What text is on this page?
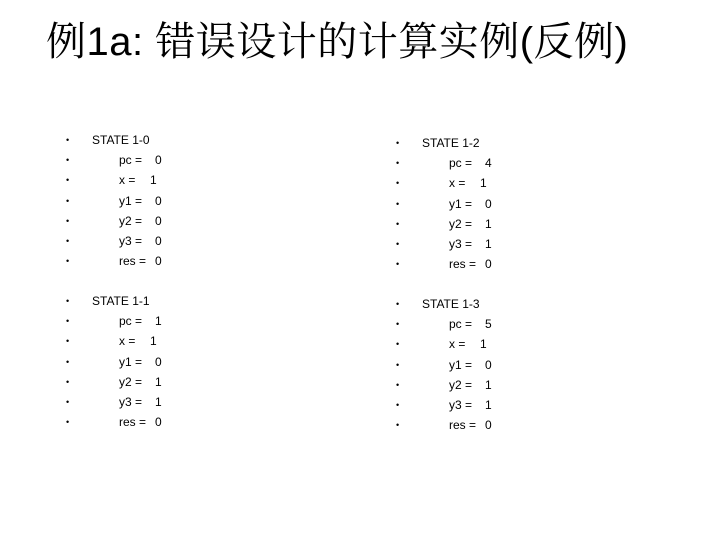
例1a: 错误设计的计算实例(反例)
• STATE 1-0
•	pc = 0
•	x = 1
•	y1 = 0
•	y2 = 0
•	y3 = 0
•	res = 0
• STATE 1-1
•	pc = 1
•	x = 1
•	y1 = 0
•	y2 = 1
•	y3 = 1
•	res = 0
• STATE 1-2
•	pc = 4
•	x = 1
•	y1 = 0
•	y2 = 1
•	y3 = 1
•	res = 0
• STATE 1-3
•	pc = 5
•	x = 1
•	y1 = 0
•	y2 = 1
•	y3 = 1
•	res = 0
